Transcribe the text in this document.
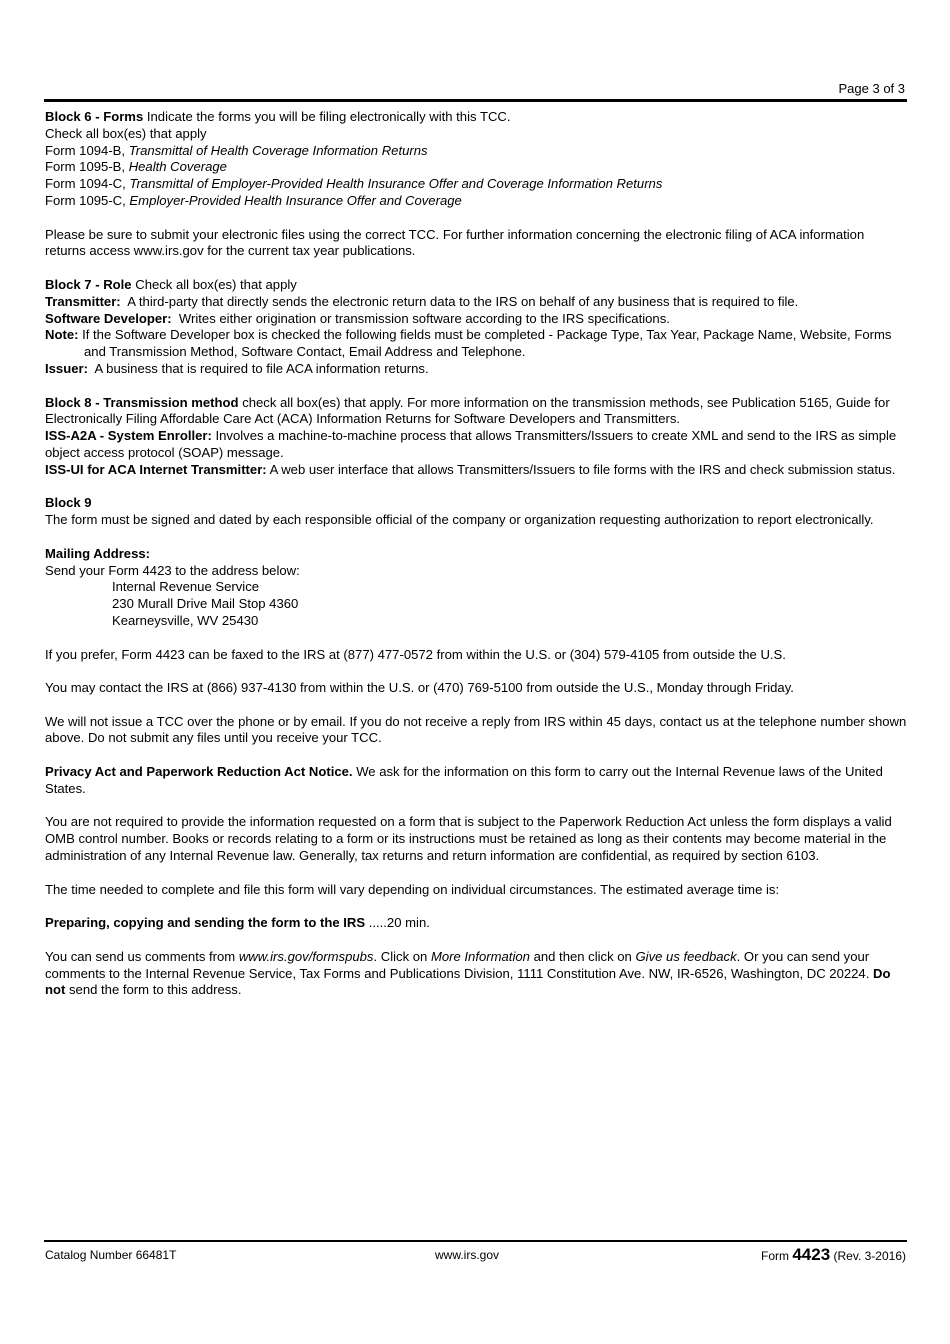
Page 3 of 3

Block 6 - Forms Indicate the forms you will be filing electronically with this TCC.

Check all box(es) that apply

Form 1094-B, Transmittal of Health Coverage Information Returns

Form 1095-B, Health Coverage

Form 1094-C, Transmittal of Employer-Provided Health Insurance Offer and Coverage Information Returns

Form 1095-C, Employer-Provided Health Insurance Offer and Coverage

Please be sure to submit your electronic files using the correct TCC. For further information concerning the electronic filing of ACA information returns access www.irs.gov for the current tax year publications.

Block 7 - Role Check all box(es) that apply

Transmitter: A third-party that directly sends the electronic return data to the IRS on behalf of any business that is required to file.

Software Developer: Writes either origination or transmission software according to the IRS specifications.

Note: If the Software Developer box is checked the following fields must be completed - Package Type, Tax Year, Package Name, Website, Forms and Transmission Method, Software Contact, Email Address and Telephone.

Issuer: A business that is required to file ACA information returns.

Block 8 - Transmission method check all box(es) that apply. For more information on the transmission methods, see Publication 5165, Guide for Electronically Filing Affordable Care Act (ACA) Information Returns for Software Developers and Transmitters.

ISS-A2A - System Enroller: Involves a machine-to-machine process that allows Transmitters/Issuers to create XML and send to the IRS as simple object access protocol (SOAP) message.

ISS-UI for ACA Internet Transmitter: A web user interface that allows Transmitters/Issuers to file forms with the IRS and check submission status.

Block 9

The form must be signed and dated by each responsible official of the company or organization requesting authorization to report electronically.

Mailing Address:

Send your Form 4423 to the address below:

Internal Revenue Service

230 Murall Drive Mail Stop 4360

Kearneysville, WV 25430

If you prefer, Form 4423 can be faxed to the IRS at (877) 477-0572 from within the U.S. or (304) 579-4105 from outside the U.S.

You may contact the IRS at (866) 937-4130 from within the U.S. or (470) 769-5100 from outside the U.S., Monday through Friday.

We will not issue a TCC over the phone or by email. If you do not receive a reply from IRS within 45 days, contact us at the telephone number shown above. Do not submit any files until you receive your TCC.

Privacy Act and Paperwork Reduction Act Notice. We ask for the information on this form to carry out the Internal Revenue laws of the United States.

You are not required to provide the information requested on a form that is subject to the Paperwork Reduction Act unless the form displays a valid OMB control number. Books or records relating to a form or its instructions must be retained as long as their contents may become material in the administration of any Internal Revenue law. Generally, tax returns and return information are confidential, as required by section 6103.

The time needed to complete and file this form will vary depending on individual circumstances. The estimated average time is:

Preparing, copying and sending the form to the IRS .....20 min.

You can send us comments from www.irs.gov/formspubs. Click on More Information and then click on Give us feedback. Or you can send your comments to the Internal Revenue Service, Tax Forms and Publications Division, 1111 Constitution Ave. NW, IR-6526, Washington, DC 20224. Do not send the form to this address.

Catalog Number 66481T	www.irs.gov	Form 4423 (Rev. 3-2016)
